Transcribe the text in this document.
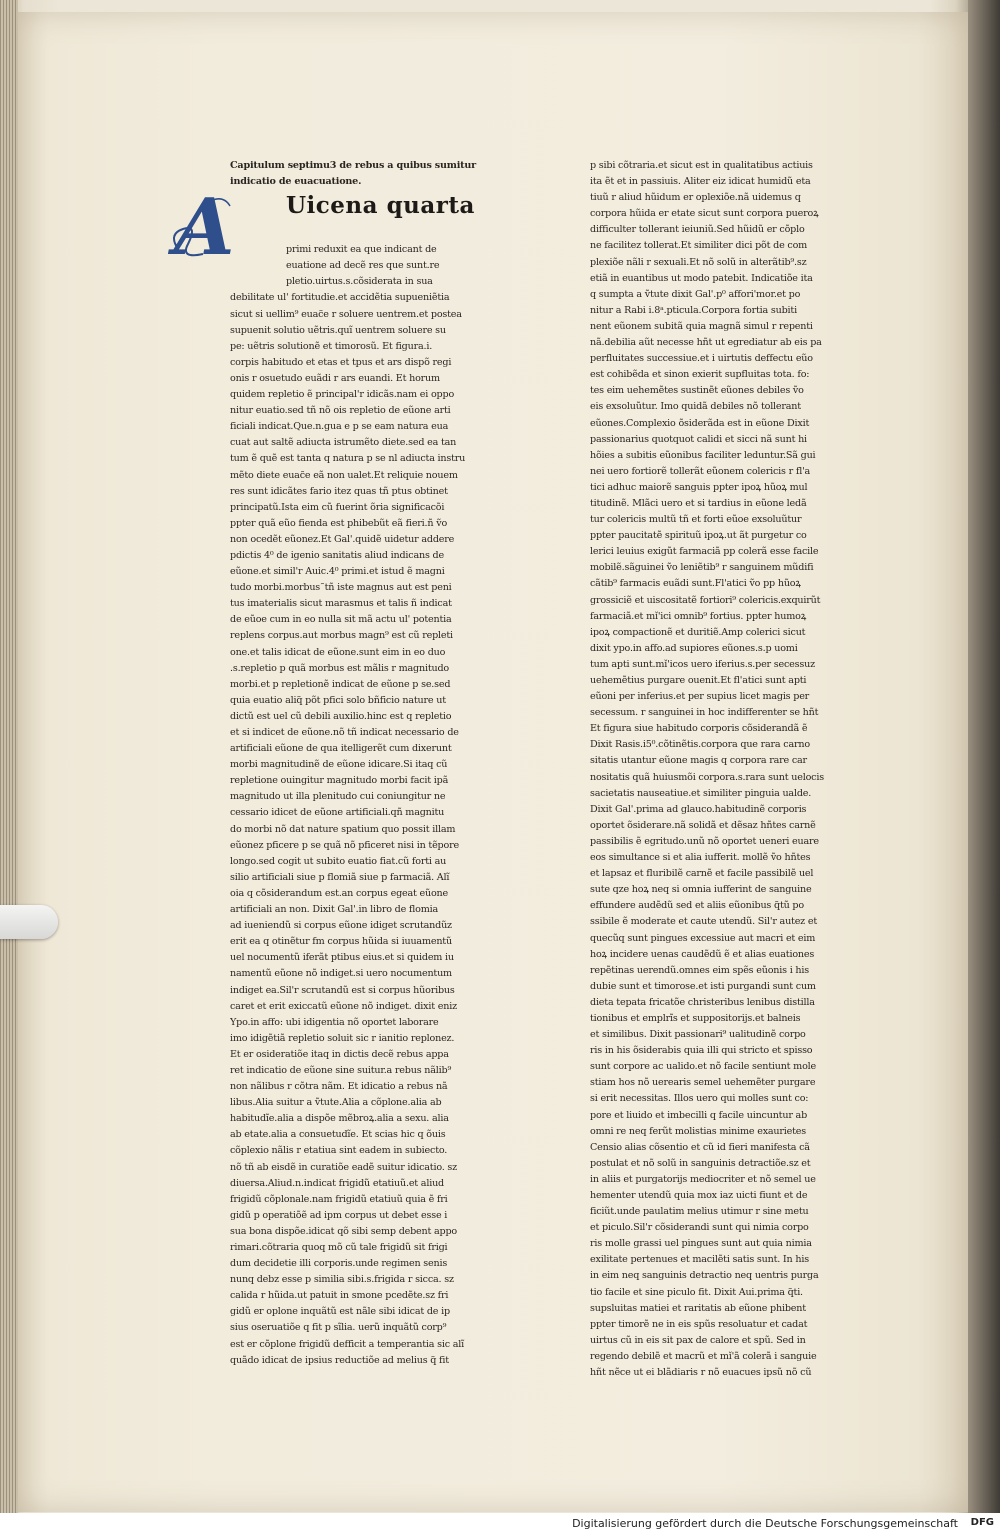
Capitulum septimu3 de rebus a quibus sumitur
indicatio de euacuatione.
A Uicena quarta
primi reduxit ea que indicant de
euatione ad decẽ res que sunt.re
pletio.uirtus.s.cõsiderata in sua
debilitate ul' fortitudie.et accidẽtia supueniẽtia
sicut si uellim⁹ euac̃e r soluere uentrem.et postea
supuenit solutio uẽtris.quĩ uentrem soluere su
pe: uẽtris solutionẽ et timorosũ. Et figura.i.
corpis habitudo et etas et tpus et ars dispõ regi
onis r osuetudo euãdi r ars euandi. Et horum
quidem repletio ẽ principal'r idicãs.nam ei oppo
nitur euatio.sed tñ nõ ois repletio de eũone arti
ficiali indicat.Que.n.gua e p se eam natura eua
cuat aut saltẽ adiucta istrumẽto diete.sed ea tan
tum ẽ quẽ est tanta q natura p se nl adiucta instru
mẽto diete euac̃e eã non ualet.Et reliquie nouem
res sunt idicãtes fario itez quas tñ ptus obtinet
principatũ.Ista eim cũ fuerint õria significacõi
ppter quã eũo fienda est phibebũt eã fieri.ñ ṽo
non ocedẽt eũonez.Et Gal'.quidẽ uidetur addere
pdictis 4⁰ de igenio sanitatis aliud indicans de
eũone.et simil'r Auic.4⁰ primi.et istud ẽ magni
tudo morbi.morbus˜tñ iste magnus aut est peni
tus imaterialis sicut marasmus et talis ñ indicat
de eũoe cum in eo nulla sit mã actu ul' potentia
replens corpus.aut morbus magn⁹ est cũ repleti
one.et talis idicat de eũone.sunt eim in eo duo
.s.repletio p quã morbus est mãlis r magnitudo
morbi.et p repletionẽ indicat de eũone p se.sed
quia euatio aliq̃ põt pfici solo bñficio nature ut
dictũ est uel cũ debili auxilio.hinc est q repletio
et si indicet de eũone.nõ tñ indicat necessario de
artificiali eũone de qua itelligerẽt cum dixerunt
morbi magnitudinẽ de eũone idicare.Si itaq cũ
repletione ouingitur magnitudo morbi facit ipã
magnitudo ut illa plenitudo cui coniungitur ne
cessario idicet de eũone artificiali.qñ magnitu
do morbi nõ dat nature spatium quo possit illam
eũonez pficere p se quã nõ pficeret nisi in tẽpore
longo.sed cogit ut subito euatio fiat.cũ forti au
silio artificiali siue p flomiã siue p farmaciã. Alĩ
oia q cõsiderandum est.an corpus egeat eũone
artificiali an non. Dixit Gal'.in libro de flomia
ad iueniendũ si corpus eũone idiget scrutandũz
erit ea q otinẽtur fm corpus hũida si iuuamentũ
uel nocumentũ iferãt ptibus eius.et si quidem iu
namentũ eũone nõ indiget.si uero nocumentum
indiget ea.Sil'r scrutandũ est si corpus hũoribus
caret et erit exiccatũ eũone nõ indiget. dixit eniz
Ypo.in affo: ubi idigentia nõ oportet laborare
imo idigẽtiã repletio soluit sic r ianitio replonez.
Et er osideratiõe itaq in dictis decẽ rebus appa
ret indicatio de eũone sine suitur.a rebus nãlib⁹
non nãlibus r cõtra nãm. Et idicatio a rebus nã
libus.Alia suitur a ṽtute.Alia a cõplone.alia ab
habitudĩe.alia a dispõe mẽbroꝝ.alia a sexu. alia
ab etate.alia a consuetudĩe. Et scias hic q õuis
cõplexio nãlis r etatiua sint eadem in subiecto.
nõ tñ ab eisdẽ in curatiõe eadẽ suitur idicatio. sz
diuersa.Aliud.n.indicat frigidũ etatiuũ.et aliud
frigidũ cõplonale.nam frigidũ etatiuũ quia ẽ fri
gidũ p operatiõẽ ad ipm corpus ut debet esse i
sua bona dispõe.idicat qõ sibi semp debent appo
rimari.cõtraria quoq mõ cũ tale frigidũ sit frigi
dum decidetie illi corporis.unde regimen senis
nunq debz esse p similia sibi.s.frigida r sicca. sz
calida r hũida.ut patuit in smone pcedẽte.sz fri
gidũ er oplone inquãtũ est nãle sibi idicat de ip
sius oseruatiõe q fit p sĩlia. uerũ inquãtũ corp⁹
est er cõplone frigidũ defficit a temperantia sic alĩ
quãdo idicat de ipsius reductiõe ad melius q̃ fit
p sibi cõtraria.et sicut est in qualitatibus actiuis
ita ẽt et in passiuis. Aliter eiz idicat humidũ eta
tiuũ r aliud hũidum er oplexiõe.nã uidemus q
corpora hũida er etate sicut sunt corpora pueroꝝ
difficulter tollerant ieiuniũ.Sed hũidũ er cõplo
ne facilitez tollerat.Et similiter dici põt de com
plexiõe nãli r sexuali.Et nõ solũ in alterãtib⁹.sz
etiã in euantibus ut modo patebit. Indicatiõe ita
q sumpta a ṽtute dixit Gal'.p⁰ affori'mor.et po
nitur a Rabi i.8ᵃ.pticula.Corpora fortia subiti
nent eũonem subitã quia magnã simul r repenti
nã.debilia aũt necesse hñt ut egrediatur ab eis pa
perfluitates successiue.et i uirtutis deffectu eũo
est cohibẽda et sinon exierit supfluitas tota. fo:
tes eim uehemẽtes sustinẽt eũones debiles ṽo
eis exsoluũtur. Imo quidã debiles nõ tollerant
eũones.Complexio õsiderãda est in eũone Dixit
passionarius quotquot calidi et sicci nã sunt hi
hõies a subitis eũonibus faciliter leduntur.Sã gui
nei uero fortiorẽ tollerãt eũonem colericis r fl'a
tici adhuc maiorẽ sanguis ppter ipoꝝ hũoꝝ mul
titudinẽ. Mlãci uero et si tardius in eũone ledã
tur colericis multũ tñ et forti eũoe exsoluũtur
ppter paucitatẽ spirituũ ipoꝝ.ut ãt purgetur co
lerici leuius exigũt farmaciã pp colerã esse facile
mobilẽ.sãguinei ṽo leniẽtib⁹ r sanguinem mũdifi
cãtib⁹ farmacis euãdi sunt.Fl'atici ṽo pp hũoꝝ
grossiciẽ et uiscositatẽ fortiori⁹ colericis.exquirũt
farmaciã.et mǐ'ici omnib⁹ fortius. ppter humoꝝ
ipoꝝ compactionẽ et duritiẽ.Amp colerici sicut
dixit ypo.in affo.ad supiores eũones.s.p uomi
tum apti sunt.mǐ'icos uero iferius.s.per secessuz
uehemẽtius purgare ouenit.Et fl'atici sunt apti
eũoni per inferius.et per supius licet magis per
secessum. r sanguinei in hoc indifferenter se hñt
Et figura siue habitudo corporis cõsiderandã ẽ
Dixit Rasis.i5⁰.cõtinẽtis.corpora que rara carno
sitatis utantur eũone magis q corpora rare car
nositatis quã huiusmõi corpora.s.rara sunt uelocis
sacietatis nauseatiue.et similiter pinguia ualde.
Dixit Gal'.prima ad glauco.habitudinẽ corporis
oportet õsiderare.nã solidã et dẽsaz hñtes carnẽ
passibilis ẽ egritudo.unũ nõ oportet ueneri euare
eos simultance si et alia iufferit. mollẽ ṽo hñtes
et lapsaz et fluribilẽ carnẽ et facile passibilẽ uel
sute qze hoꝝ neq si omnia iufferint de sanguine
effundere audẽdũ sed et aliis eũonibus q̃tũ po
ssibile ẽ moderate et caute utendũ. Sil'r autez et
quecũq sunt pingues excessiue aut macri et eim
hoꝝ incidere uenas caudẽdũ ẽ et alias euationes
repẽtinas uerendũ.omnes eim spẽs eũonis i his
dubie sunt et timorose.et isti purgandi sunt cum
dieta tepata fricatõe christeribus lenibus distilla
tionibus et emplrĩs et suppositorijs.et balneis
et similibus. Dixit passionari⁹ ualitudinẽ corpo
ris in his õsiderabis quia illi qui stricto et spisso
sunt corpore ac ualido.et nõ facile sentiunt mole
stiam hos nõ uerearis semel uehemẽter purgare
si erit necessitas. Illos uero qui molles sunt co:
pore et liuido et imbecilli q facile uincuntur ab
omni re neq ferũt molistias minime exaurietes
Censio alias cõsentio et cũ id fieri manifesta cã
postulat et nõ solũ in sanguinis detractiõe.sz et
in aliis et purgatorijs mediocriter et nõ semel ue
hementer utendũ quia mox iaz uicti fiunt et de
ficiũt.unde paulatim melius utimur r sine metu
et piculo.Sil'r cõsiderandi sunt qui nimia corpo
ris molle grassi uel pingues sunt aut quia nimia
exilitate pertenues et macilẽti satis sunt. In his
in eim neq sanguinis detractio neq uentris purga
tio facile et sine piculo fit. Dixit Aui.prima q̃ti.
supsluitas matiei et raritatis ab eũone phibent
ppter timorẽ ne in eis spũs resoluatur et cadat
uirtus cũ in eis sit pax de calore et spũ. Sed in
regendo debilẽ et macrũ et mǐ'ã colerã i sanguie
hñt nẽce ut ei blãdiaris r nõ euacues ipsũ nõ cũ
Digitalisierung gefördert durch die Deutsche Forschungsgemeinschaft DFG
